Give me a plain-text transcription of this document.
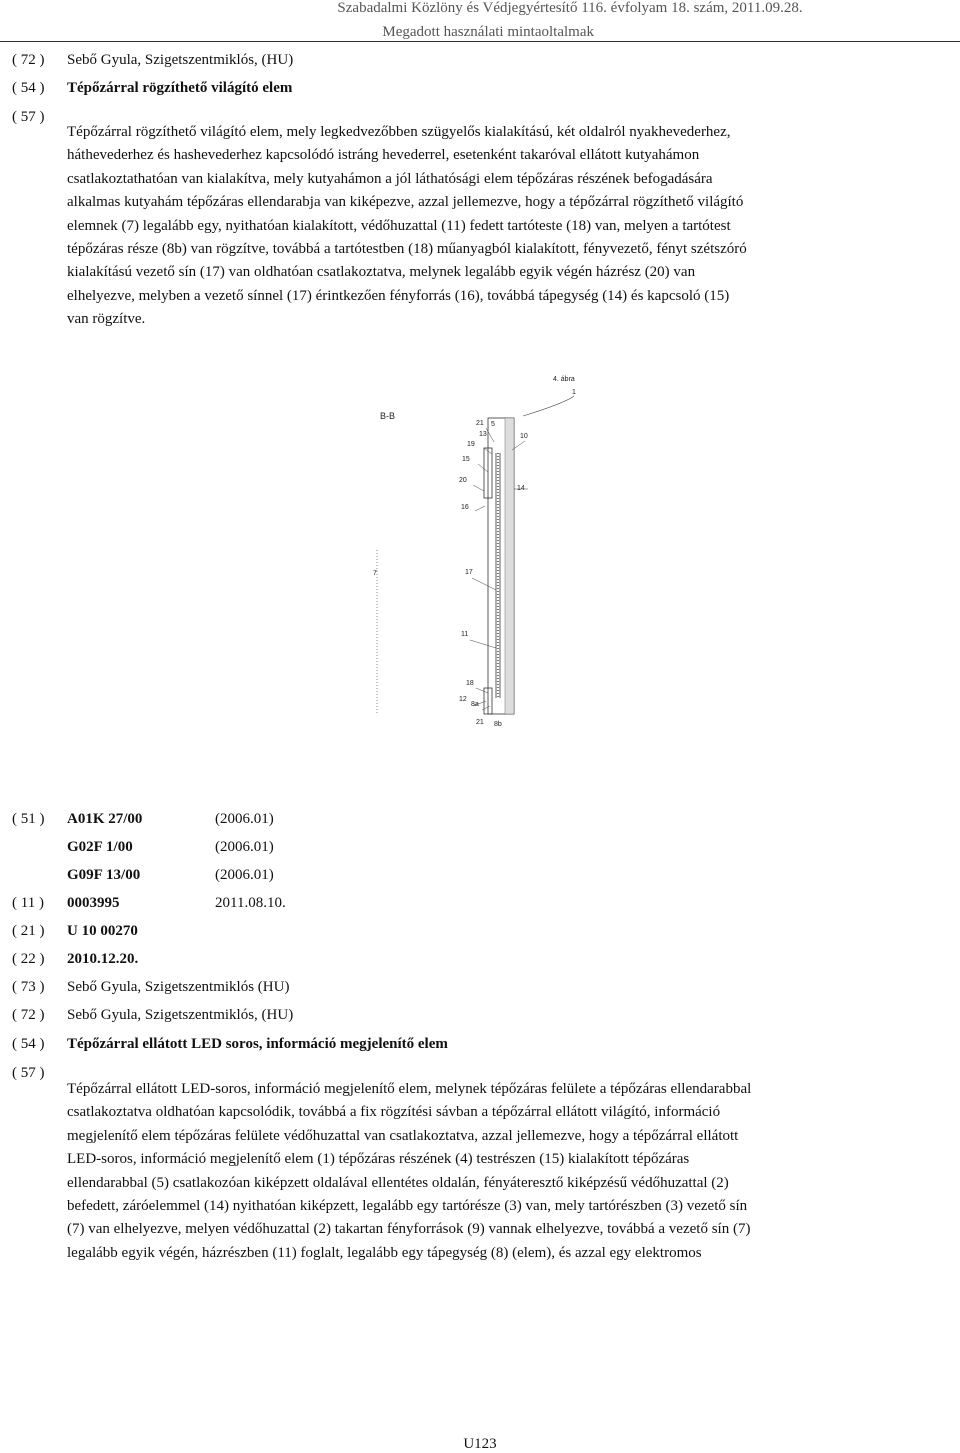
Szabadalmi Közlöny és Védjegyértesítő 116. évfolyam 18. szám, 2011.09.28.
Megadott használati mintaoltalmak
( 72 ) Sebő Gyula, Szigetszentmiklós, (HU)
( 54 ) Tépőzárral rögzíthető világító elem
( 57 )
Tépőzárral rögzíthető világító elem, mely legkedvezőbben szügyelős kialakítású, két oldalról nyakhevederhez,
háthevederhez és hashevederhez kapcsolódó istráng hevederrel, esetenként takaróval ellátott kutyahámon
csatlakoztathatóan van kialakítva, mely kutyahámon a jól láthatósági elem tépőzáras részének befogadására
alkalmas kutyahám tépőzáras ellendarabja van kiképezve, azzal jellemezve, hogy a tépőzárral rögzíthető világító
elemnek (7) legalább egy, nyithatóan kialakított, védőhuzattal (11) fedett tartóteste (18) van, melyen a tartótest
tépőzáras része (8b) van rögzítve, továbbá a tartótestben (18) műanyagból kialakított, fényvezető, fényt szétszóró
kialakítású vezető sín (17) van oldhatóan csatlakoztatva, melynek legalább egyik végén házrész (20) van
elhelyezve, melyben a vezető sínnel (17) érintkezően fényforrás (16), továbbá tápegység (14) és kapcsoló (15)
van rögzítve.
4. ábra
B-B
1
21 5
13	10
19
15
20
14
16
7	17
11
18
12
8a
21 8b
( 51 ) A01K 27/00	(2006.01)
G02F 1/00	(2006.01)
G09F 13/00	(2006.01)
( 11 ) 0003995	2011.08.10.
( 21 ) U 10 00270
( 22 ) 2010.12.20.
( 73 ) Sebő Gyula, Szigetszentmiklós (HU)
( 72 ) Sebő Gyula, Szigetszentmiklós, (HU)
( 54 ) Tépőzárral ellátott LED soros, információ megjelenítő elem
( 57 )
Tépőzárral ellátott LED-soros, információ megjelenítő elem, melynek tépőzáras felülete a tépőzáras ellendarabbal
csatlakoztatva oldhatóan kapcsolódik, továbbá a fix rögzítési sávban a tépőzárral ellátott világító, információ
megjelenítő elem tépőzáras felülete védőhuzattal van csatlakoztatva, azzal jellemezve, hogy a tépőzárral ellátott
LED-soros, információ megjelenítő elem (1) tépőzáras részének (4) testrészen (15) kialakított tépőzáras
ellendarabbal (5) csatlakozóan kiképzett oldalával ellentétes oldalán, fényáteresztő kiképzésű védőhuzattal (2)
befedett, záróelemmel (14) nyithatóan kiképzett, legalább egy tartórésze (3) van, mely tartórészben (3) vezető sín
(7) van elhelyezve, melyen védőhuzattal (2) takartan fényforrások (9) vannak elhelyezve, továbbá a vezető sín (7)
legalább egyik végén, házrészben (11) foglalt, legalább egy tápegység (8) (elem), és azzal egy elektromos
U123
